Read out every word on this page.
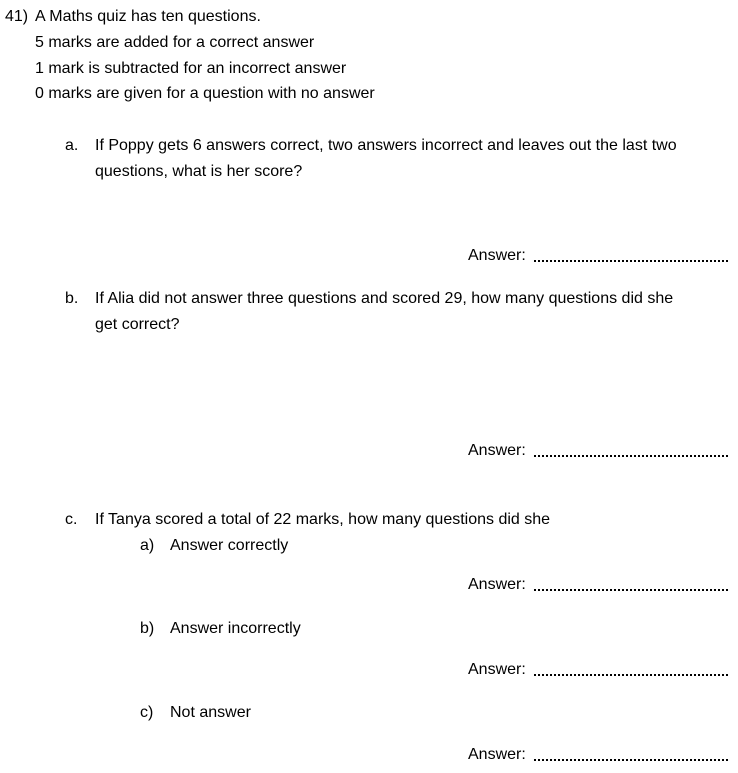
41) A Maths quiz has ten questions.
5 marks are added for a correct answer
1 mark is subtracted for an incorrect answer
0 marks are given for a question with no answer
a. If Poppy gets 6 answers correct, two answers incorrect and leaves out the last two
questions, what is her score?
Answer:
b. If Alia did not answer three questions and scored 29, how many questions did she
get correct?
Answer:
c. If Tanya scored a total of 22 marks, how many questions did she
a) Answer correctly
Answer:
b) Answer incorrectly
Answer:
c) Not answer
Answer:
